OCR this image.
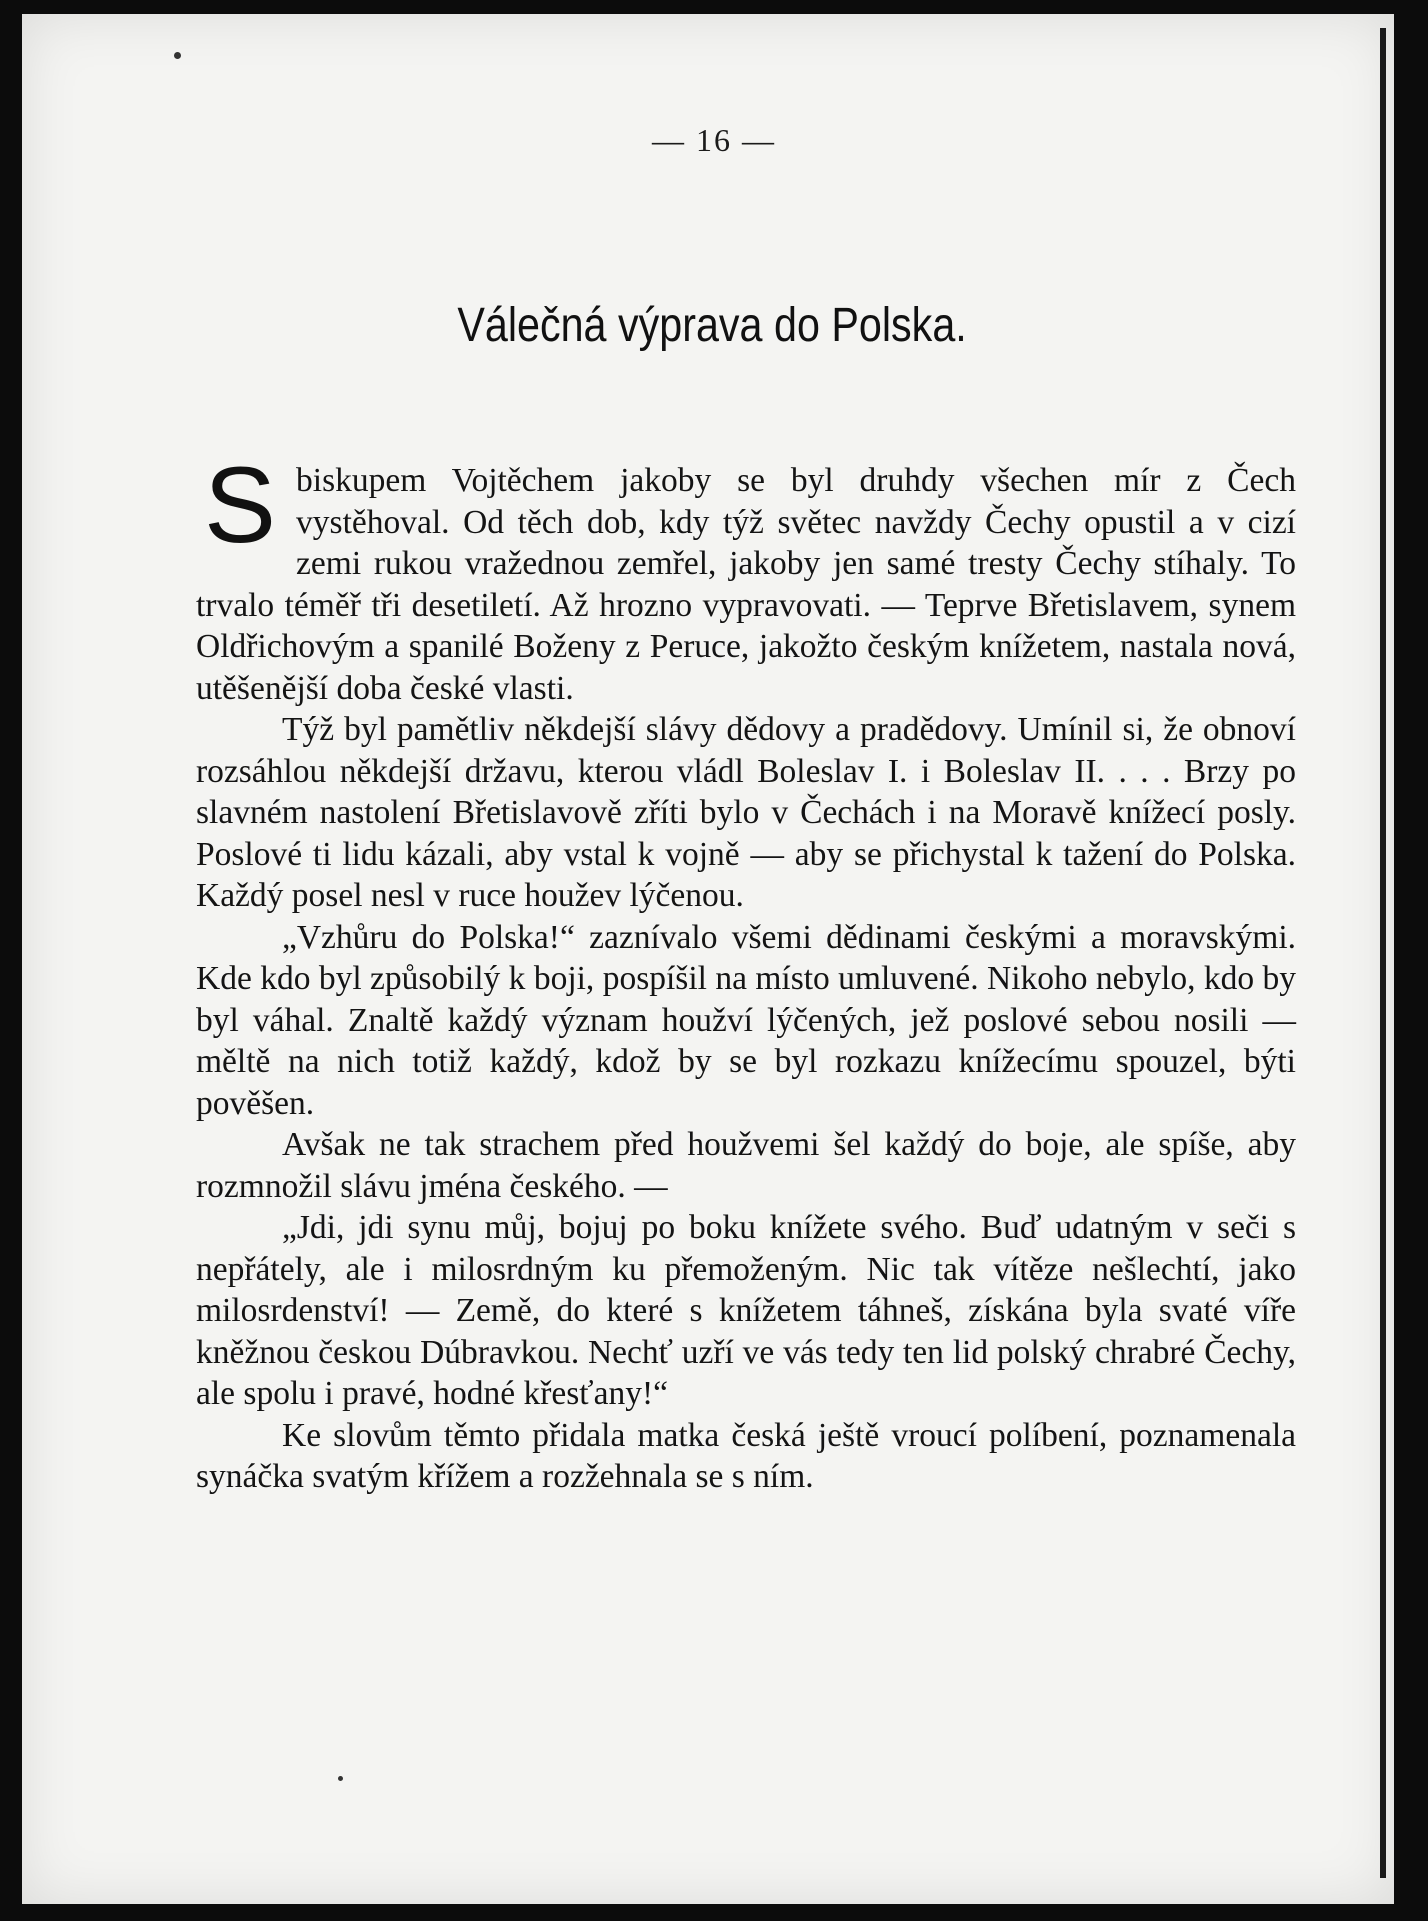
— 16 —
Válečná výprava do Polska.

Sbiskupem Vojtěchem jakoby se byl druhdy všechen mír z Čech vystěhoval. Od těch dob, kdy týž světec navždy Čechy opustil a v cizí zemi rukou vražednou zemřel, jakoby jen samé tresty Čechy stíhaly. To trvalo téměř tři desetiletí. Až hrozno vypravovati. — Teprve Břetislavem, synem Oldřichovým a spanilé Boženy z Peruce, jakožto českým knížetem, nastala nová, utěšenější doba české vlasti.

Týž byl pamětliv někdejší slávy dědovy a pradědovy. Umínil si, že obnoví rozsáhlou někdejší državu, kterou vládl Boleslav I. i Boleslav II. . . . Brzy po slavném nastolení Břetislavově zříti bylo v Čechách i na Moravě knížecí posly. Poslové ti lidu kázali, aby vstal k vojně — aby se přichystal k tažení do Polska. Každý posel nesl v ruce houžev lýčenou.

„Vzhůru do Polska!“ zaznívalo všemi dědinami českými a moravskými. Kde kdo byl způsobilý k boji, pospíšil na místo umluvené. Nikoho nebylo, kdo by byl váhal. Znaltě každý význam houžví lýčených, jež poslové sebou nosili — měltě na nich totiž každý, kdož by se byl rozkazu knížecímu spouzel, býti pověšen.

Avšak ne tak strachem před houžvemi šel každý do boje, ale spíše, aby rozmnožil slávu jména českého. —

„Jdi, jdi synu můj, bojuj po boku knížete svého. Buď udatným v seči s nepřátely, ale i milosrdným ku přemoženým. Nic tak vítěze nešlechtí, jako milosrdenství! — Země, do které s knížetem táhneš, získána byla svaté víře kněžnou českou Dúbravkou. Nechť uzří ve vás tedy ten lid polský chrabré Čechy, ale spolu i pravé, hodné křesťany!“

Ke slovům těmto přidala matka česká ještě vroucí políbení, poznamenala synáčka svatým křížem a rozžehnala se s ním.
